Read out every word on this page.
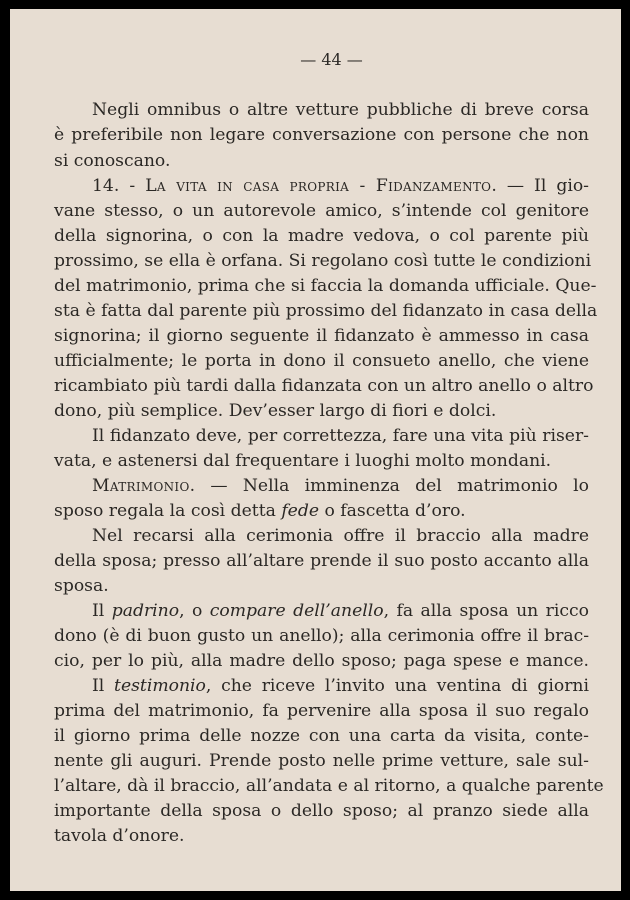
— 44 —
Negli omnibus o altre vetture pubbliche di breve corsa
è preferibile non legare conversazione con persone che non
si conoscano.
14. - La vita in casa propria - Fidanzamento. — Il gio-
vane stesso, o un autorevole amico, s’intende col genitore
della signorina, o con la madre vedova, o col parente più
prossimo, se ella è orfana. Si regolano così tutte le condizioni
del matrimonio, prima che si faccia la domanda ufficiale. Que-
sta è fatta dal parente più prossimo del fidanzato in casa della
signorina; il giorno seguente il fidanzato è ammesso in casa
ufficialmente; le porta in dono il consueto anello, che viene
ricambiato più tardi dalla fidanzata con un altro anello o altro
dono, più semplice. Dev’esser largo di fiori e dolci.
Il fidanzato deve, per correttezza, fare una vita più riser-
vata, e astenersi dal frequentare i luoghi molto mondani.
Matrimonio. — Nella imminenza del matrimonio lo
sposo regala la così detta fede o fascetta d’oro.
Nel recarsi alla cerimonia offre il braccio alla madre
della sposa; presso all’altare prende il suo posto accanto alla
sposa.
Il padrino, o compare dell’anello, fa alla sposa un ricco
dono (è di buon gusto un anello); alla cerimonia offre il brac-
cio, per lo più, alla madre dello sposo; paga spese e mance.
Il testimonio, che riceve l’invito una ventina di giorni
prima del matrimonio, fa pervenire alla sposa il suo regalo
il giorno prima delle nozze con una carta da visita, conte-
nente gli auguri. Prende posto nelle prime vetture, sale sul-
l’altare, dà il braccio, all’andata e al ritorno, a qualche parente
importante della sposa o dello sposo; al pranzo siede alla
tavola d’onore.
